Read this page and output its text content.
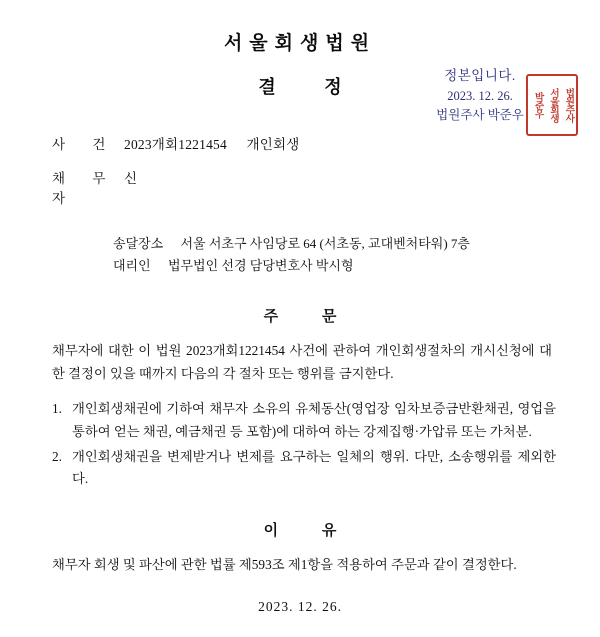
서울회생법원
결 정
정본입니다.
2023. 12. 26.
법원주사 박준우 박준우 서울회생 법원주사
사 건 2023개회1221454 개인회생
채 무 자
신
송달장소 서울 서초구 사임당로 64 (서초동, 교대벤처타워) 7층
대리인 법무법인 선경 담당변호사 박시형
주 문
채무자에 대한 이 법원 2023개회1221454 사건에 관하여 개인회생절차의 개시신청에 대한 결정이 있을 때까지 다음의 각 절차 또는 행위를 금지한다.
1. 개인회생채권에 기하여 채무자 소유의 유체동산(영업장 임차보증금반환채권, 영업을 통하여 얻는 채권, 예금채권 등 포함)에 대하여 하는 강제집행·가압류 또는 가처분.
2. 개인회생채권을 변제받거나 변제를 요구하는 일체의 행위. 다만, 소송행위를 제외한다.
이 유
채무자 회생 및 파산에 관한 법률 제593조 제1항을 적용하여 주문과 같이 결정한다.
2023. 12. 26.
